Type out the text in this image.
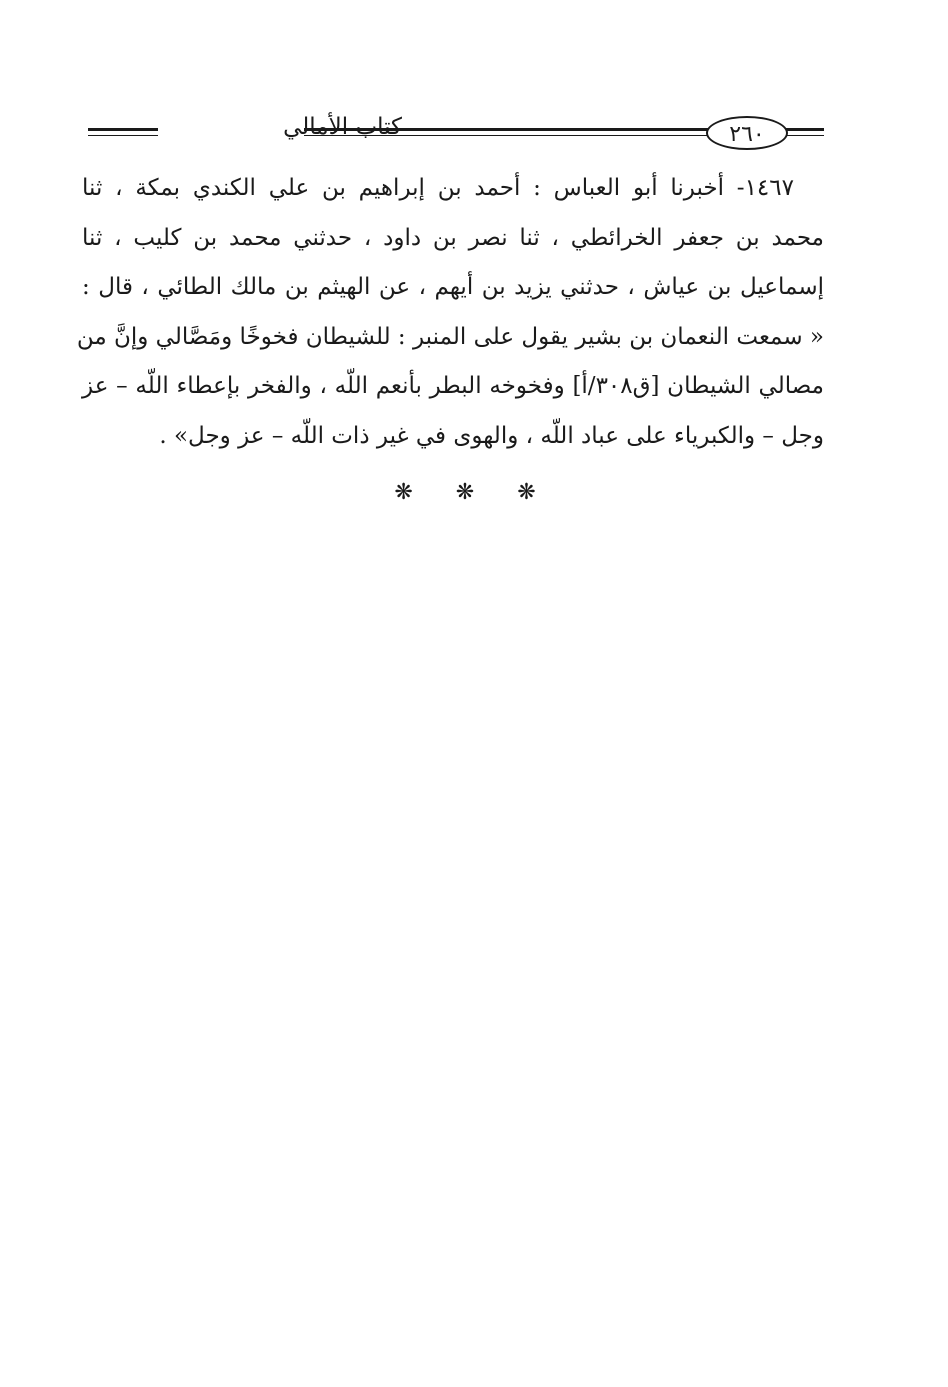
كتاب الأمالي	٢٦٠
١٤٦٧- أخبرنا أبو العباس : أحمد بن إبراهيم بن علي الكندي بمكة ، ثنا
محمد بن جعفر الخرائطي ، ثنا نصر بن داود ، حدثني محمد بن كليب ، ثنا
إسماعيل بن عياش ، حدثني يزيد بن أيهم ، عن الهيثم بن مالك الطائي ، قال :
« سمعت النعمان بن بشير يقول على المنبر : للشيطان فخوخًا ومَصَّالي وإنَّ من
مصالي الشيطان [ق٣٠٨/أ] وفخوخه البطر بأنعم اللّه ، والفخر بإعطاء اللّه – عز
وجل – والكبرياء على عباد اللّه ، والهوى في غير ذات اللّه – عز وجل» .
❋ ❋ ❋
